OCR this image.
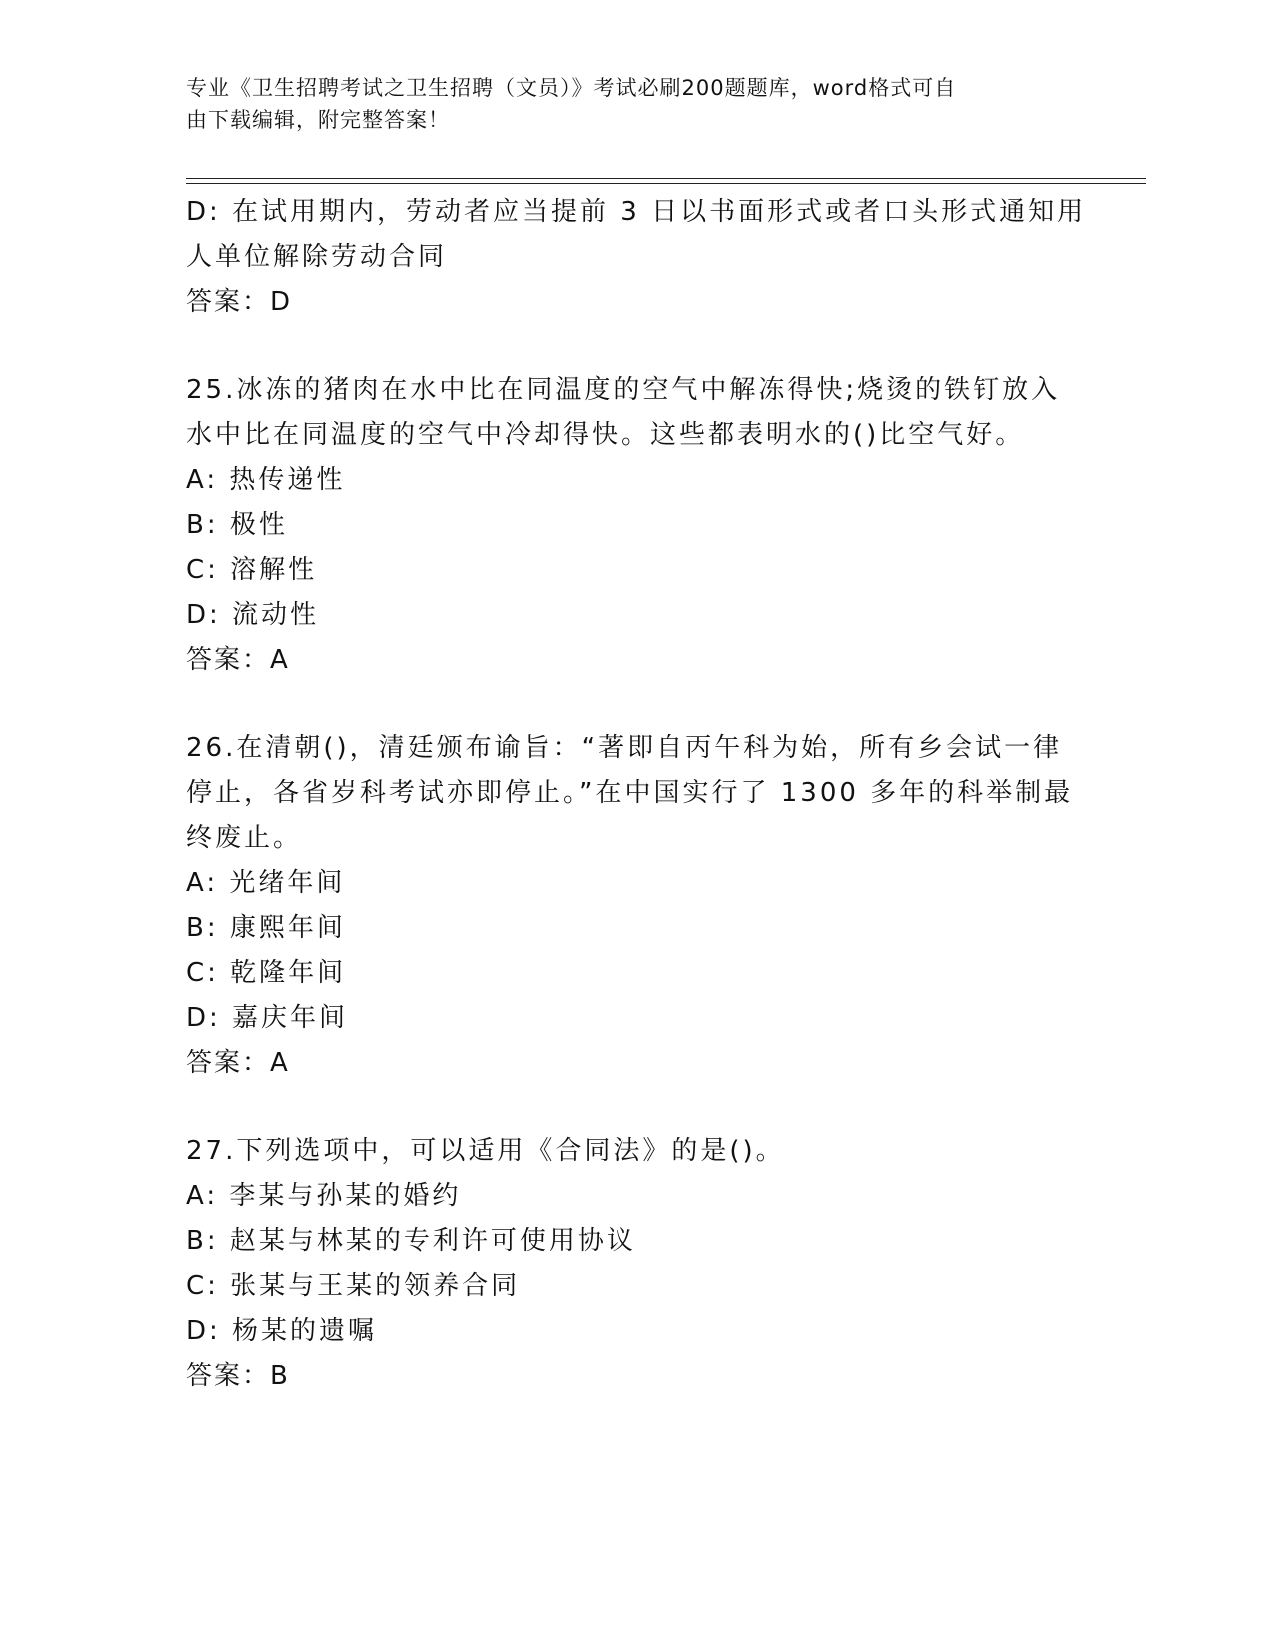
专业《卫生招聘考试之卫生招聘（文员）》考试必刷200题题库，word格式可自
由下载编辑，附完整答案！
D: 在试用期内，劳动者应当提前 3 日以书面形式或者口头形式通知用
人单位解除劳动合同
答案：D
25.冰冻的猪肉在水中比在同温度的空气中解冻得快;烧烫的铁钉放入
水中比在同温度的空气中冷却得快。这些都表明水的()比空气好。
A: 热传递性
B: 极性
C: 溶解性
D: 流动性
答案：A
26.在清朝()，清廷颁布谕旨：“著即自丙午科为始，所有乡会试一律
停止，各省岁科考试亦即停止。”在中国实行了 1300 多年的科举制最
终废止。
A: 光绪年间
B: 康熙年间
C: 乾隆年间
D: 嘉庆年间
答案：A
27.下列选项中，可以适用《合同法》的是()。
A: 李某与孙某的婚约
B: 赵某与林某的专利许可使用协议
C: 张某与王某的领养合同
D: 杨某的遗嘱
答案：B
